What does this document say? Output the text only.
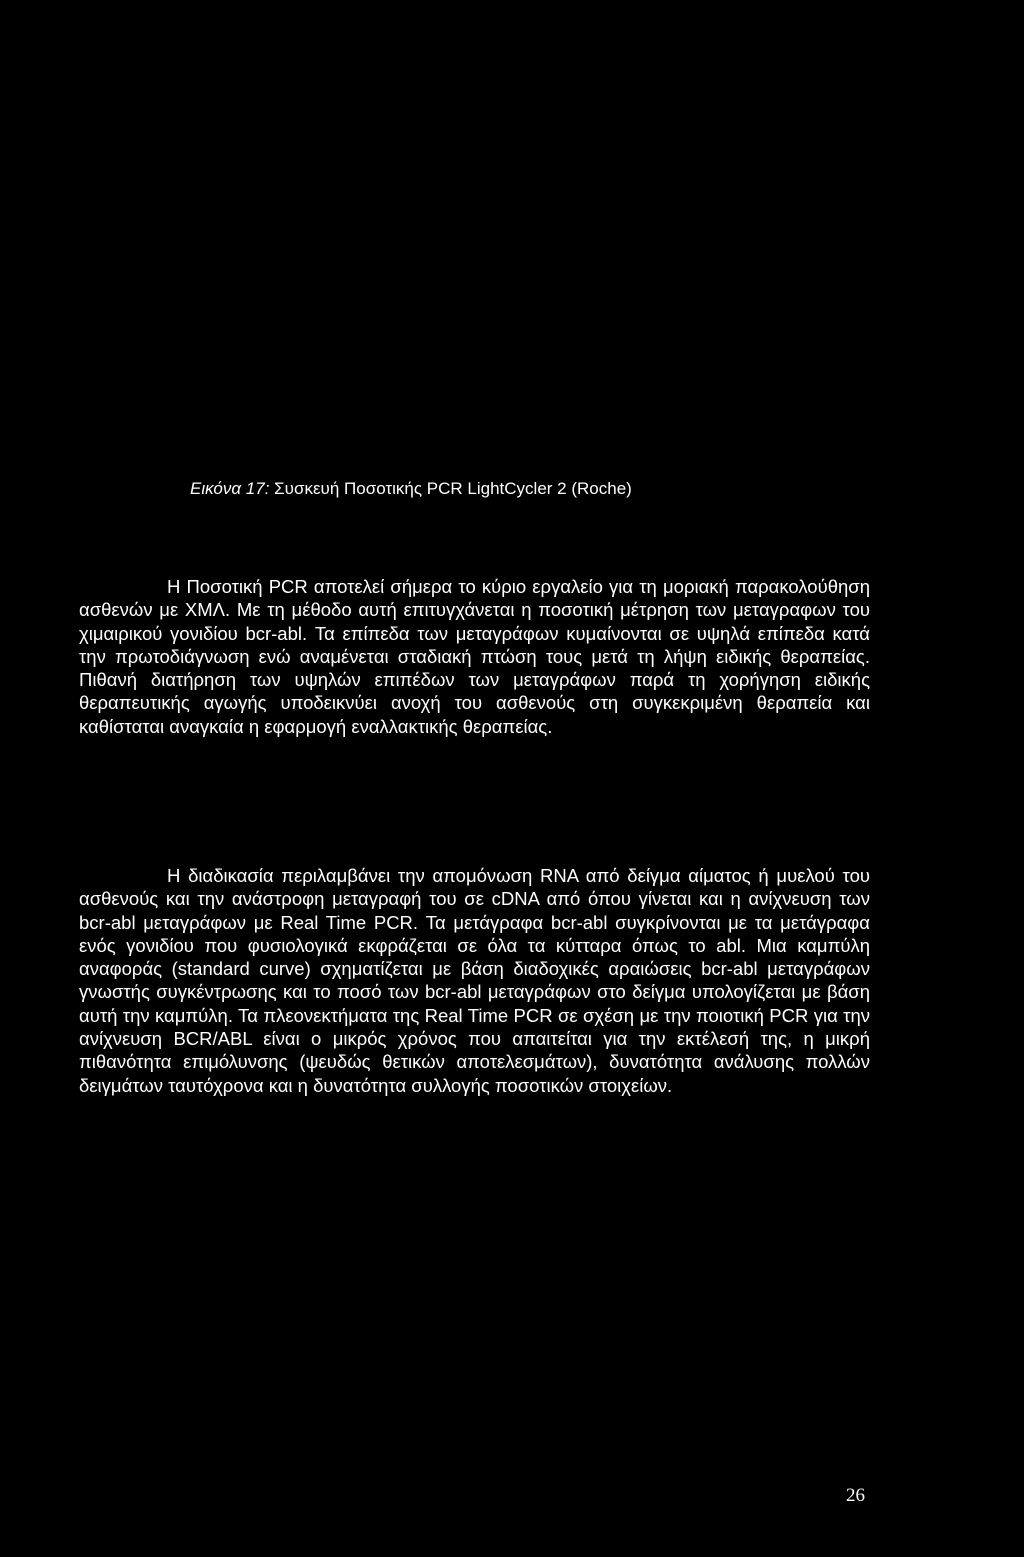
Εικόνα 17: Συσκευή Ποσοτικής PCR LightCycler 2 (Roche)

Η Ποσοτική PCR αποτελεί σήμερα το κύριο εργαλείο για τη μοριακή παρακολούθηση ασθενών με ΧΜΛ. Με τη μέθοδο αυτή επιτυγχάνεται η ποσοτική μέτρηση των μεταγραφων του χιμαιρικού γονιδίου bcr-abl. Τα επίπεδα των μεταγράφων κυμαίνονται σε υψηλά επίπεδα κατά την πρωτοδιάγνωση ενώ αναμένεται σταδιακή πτώση τους μετά τη λήψη ειδικής θεραπείας. Πιθανή διατήρηση των υψηλών επιπέδων των μεταγράφων παρά τη χορήγηση ειδικής θεραπευτικής αγωγής υποδεικνύει ανοχή του ασθενούς στη συγκεκριμένη θεραπεία και καθίσταται αναγκαία η εφαρμογή εναλλακτικής θεραπείας.

Η διαδικασία περιλαμβάνει την απομόνωση RNA από δείγμα αίματος ή μυελού του ασθενούς και την ανάστροφη μεταγραφή του σε cDNA από όπου γίνεται και η ανίχνευση των bcr-abl μεταγράφων με Real Time PCR. Τα μετάγραφα bcr-abl συγκρίνονται με τα μετάγραφα ενός γονιδίου που φυσιολογικά εκφράζεται σε όλα τα κύτταρα όπως το abl. Μια καμπύλη αναφοράς (standard curve) σχηματίζεται με βάση διαδοχικές αραιώσεις bcr-abl μεταγράφων γνωστής συγκέντρωσης και το ποσό των bcr-abl μεταγράφων στο δείγμα υπολογίζεται με βάση αυτή την καμπύλη. Τα πλεονεκτήματα της Real Time PCR σε σχέση με την ποιοτική PCR για την ανίχνευση BCR/ABL είναι ο μικρός χρόνος που απαιτείται για την εκτέλεσή της, η μικρή πιθανότητα επιμόλυνσης (ψευδώς θετικών αποτελεσμάτων), δυνατότητα ανάλυσης πολλών δειγμάτων ταυτόχρονα και η δυνατότητα συλλογής ποσοτικών στοιχείων.

26
